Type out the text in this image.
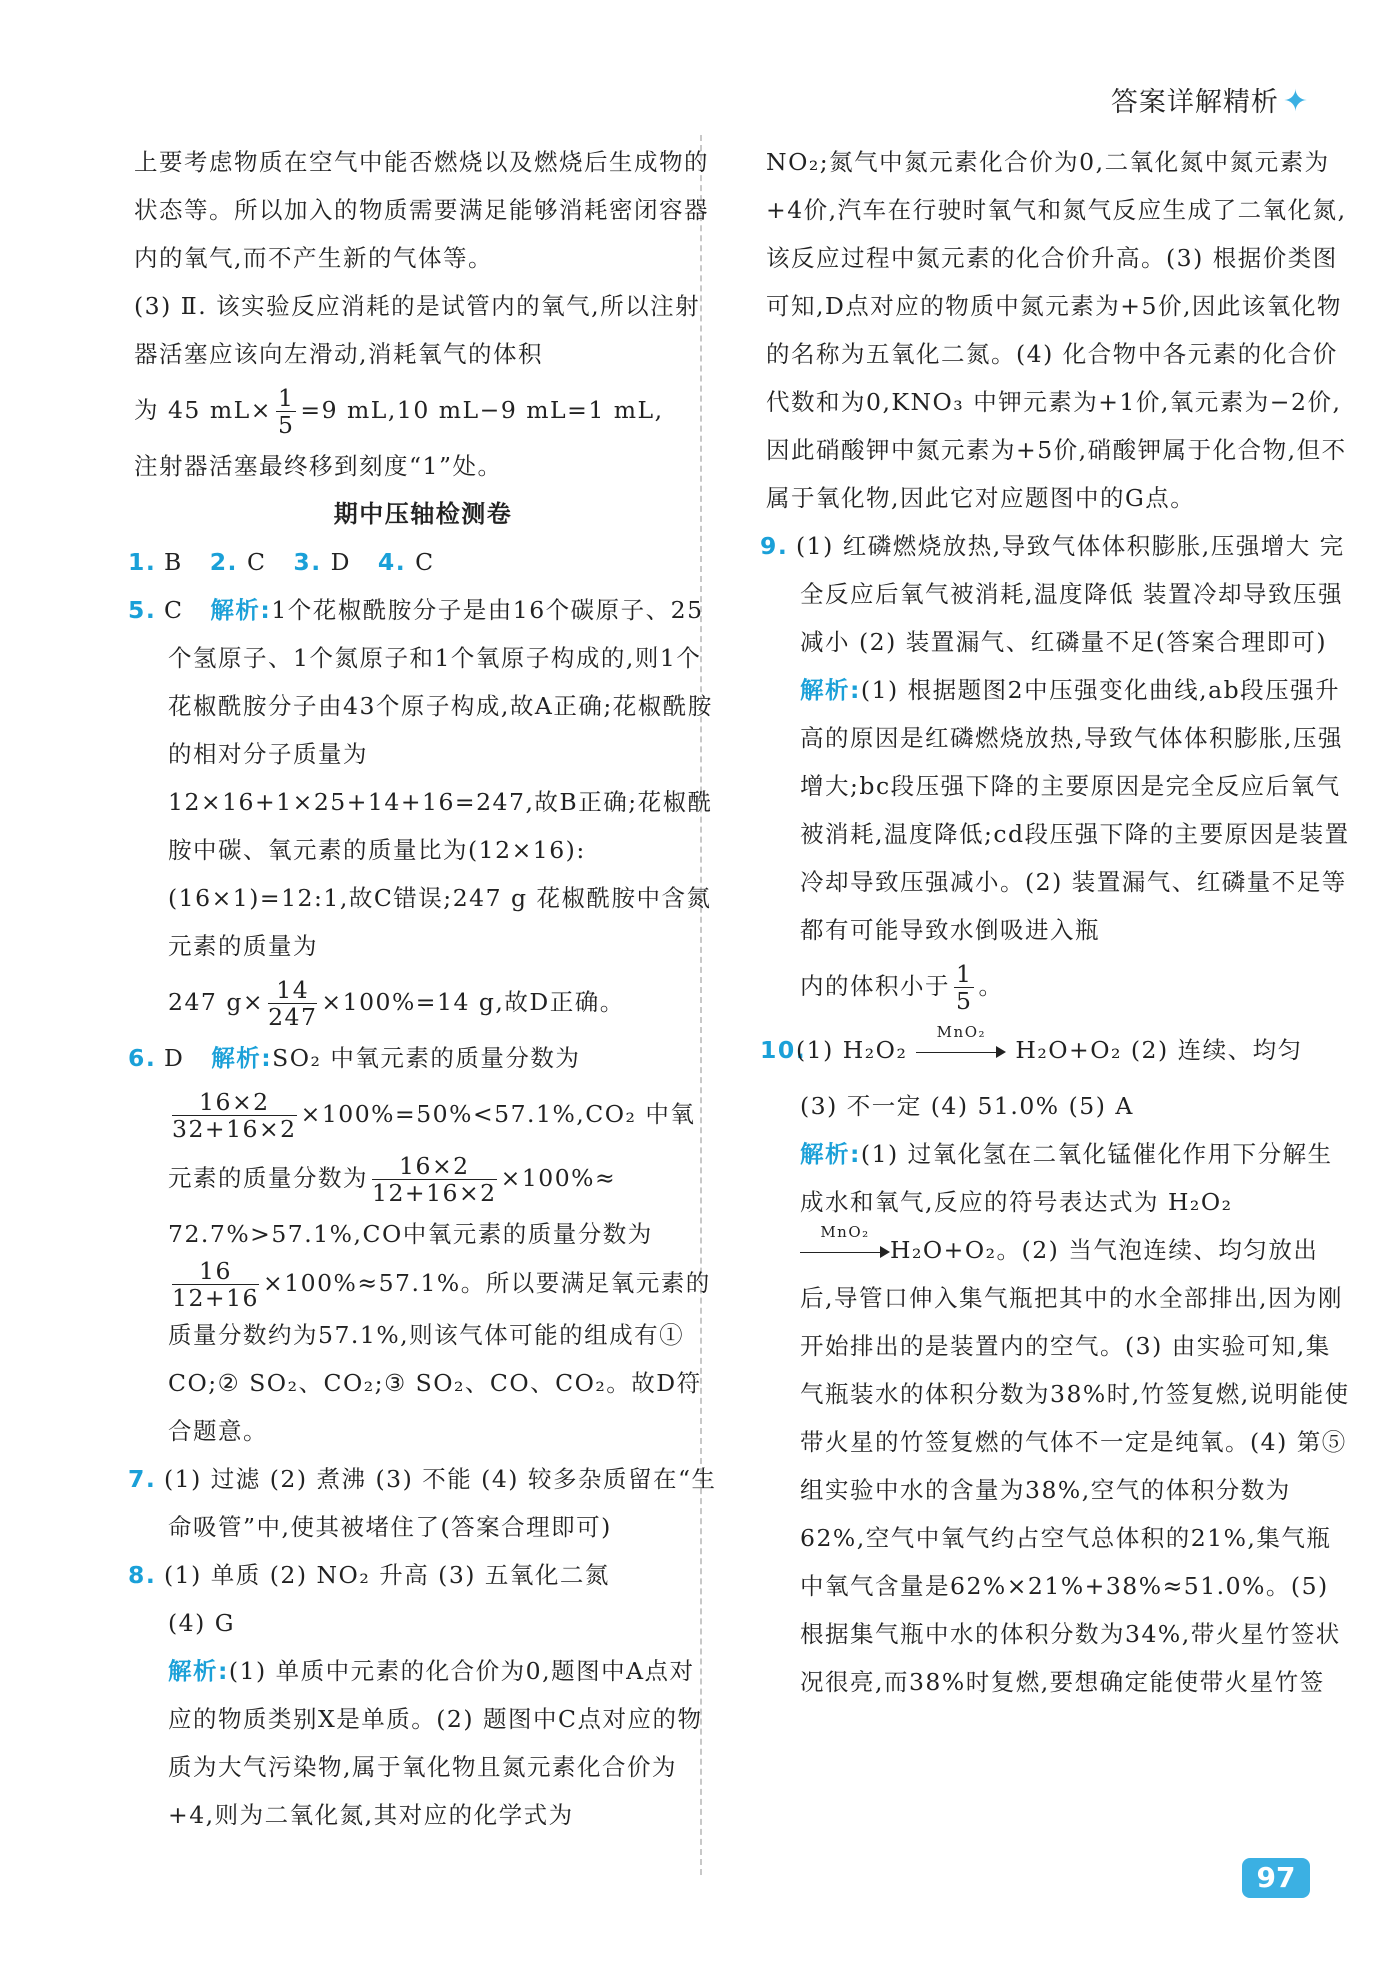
答案详解精析 ✦

上要考虑物质在空气中能否燃烧以及燃烧后生成物的状态等。所以加入的物质需要满足能够消耗密闭容器内的氧气,而不产生新的气体等。

(3) Ⅱ. 该实验反应消耗的是试管内的氧气,所以注射器活塞应该向左滑动,消耗氧气的体积

为 45 $mL\times \frac{1}{5} =9$ mL,10 mL−9 mL=1 mL,

注射器活塞最终移到刻度“1”处。

期中压轴检测卷

1. B 2. C 3. D 4. C

5. C 解析:1个花椒酰胺分子是由16个碳原子、25个氢原子、1个氮原子和1个氧原子构成的,则1个花椒酰胺分子由43个原子构成,故A正确;花椒酰胺的相对分子质量为12×16+1×25+14+16=247,故B正确;花椒酰胺中碳、氧元素的质量比为(12×16):(16×1)=12:1,故C错误;247 g 花椒酰胺中含氮元素的质量为

247 $g\times \frac{14}{247} \times 100\%=14$ g,故D正确。

6. D 解析:SO₂ 中氧元素的质量分数为

$\frac{16\times 2}{32+16\times 2} \times 100\%=50\%<57.1\%,CO_2$ 中氧

元素的质量分数为 $\frac{16\times 2}{12+16\times 2} \times 100\%\approx$

72.7%>57.1%,CO中氧元素的质量分数为

$\frac{16}{12+16} \times 100\%\approx 57.1\%$。所以要满足氧元素的质量分数约为57.1%,则该气体可能的组成有① CO;② SO₂、CO₂;③ SO₂、CO、CO₂。故D符合题意。

7. (1) 过滤 (2) 煮沸 (3) 不能 (4) 较多杂质留在“生命吸管”中,使其被堵住了(答案合理即可)

8. (1) 单质 (2) NO₂ 升高 (3) 五氧化二氮
(4) G
解析:(1) 单质中元素的化合价为0,题图中A点对应的物质类别X是单质。(2) 题图中C点对应的物质为大气污染物,属于氧化物且氮元素化合价为+4,则为二氧化氮,其对应的化学式为

NO₂;氮气中氮元素化合价为0,二氧化氮中氮元素为+4价,汽车在行驶时氧气和氮气反应生成了二氧化氮,该反应过程中氮元素的化合价升高。(3) 根据价类图可知,D点对应的物质中氮元素为+5价,因此该氧化物的名称为五氧化二氮。(4) 化合物中各元素的化合价代数和为0,KNO₃ 中钾元素为+1价,氧元素为−2价,因此硝酸钾中氮元素为+5价,硝酸钾属于化合物,但不属于氧化物,因此它对应题图中的G点。

9. (1) 红磷燃烧放热,导致气体体积膨胀,压强增大 完全反应后氧气被消耗,温度降低 装置冷却导致压强减小 (2) 装置漏气、红磷量不足(答案合理即可)
解析:(1) 根据题图2中压强变化曲线,ab段压强升高的原因是红磷燃烧放热,导致气体体积膨胀,压强增大;bc段压强下降的主要原因是完全反应后氧气被消耗,温度降低;cd段压强下降的主要原因是装置冷却导致压强减小。(2) 装置漏气、红磷量不足等都有可能导致水倒吸进入瓶

内的体积小于 $\frac{1}{5}$ 。

10.(1) H₂O₂
MnO₂
H₂O+O₂ (2) 连续、均匀

(3) 不一定 (4) 51.0% (5) A

解析:(1) 过氧化氢在二氧化锰催化作用下分解生成水和氧气,反应的符号表达式为 H₂O₂

MnO₂
H₂O+O₂。(2) 当气泡连续、均匀放出后,导管口伸入集气瓶把其中的水全部排出,因为刚开始排出的是装置内的空气。(3) 由实验可知,集气瓶装水的体积分数为38%时,竹签复燃,说明能使带火星的竹签复燃的气体不一定是纯氧。(4) 第⑤组实验中水的含量为38%,空气的体积分数为62%,空气中氧气约占空气总体积的21%,集气瓶中氧气含量是62%×21%+38%≈51.0%。(5) 根据集气瓶中水的体积分数为34%,带火星竹签状况很亮,而38%时复燃,要想确定能使带火星竹签

97
